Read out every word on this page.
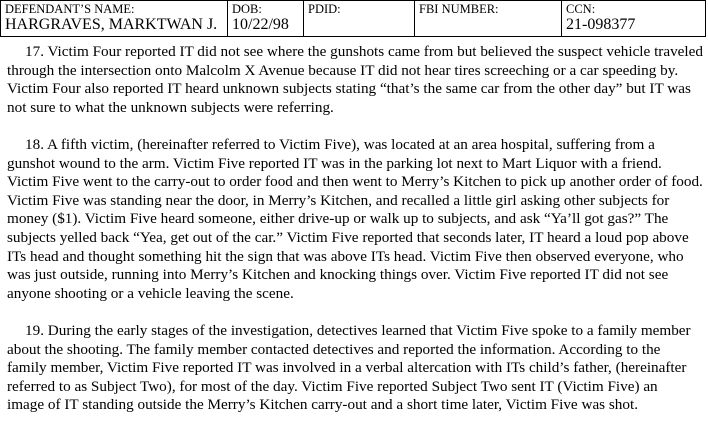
DEFENDANT’S NAME:
HARGRAVES, MARKTWAN J.
DOB:
10/22/98
PDID:	FBI NUMBER:	CCN:
21-098377
17. Victim Four reported IT did not see where the gunshots came from but believed the suspect vehicle traveled
through the intersection onto Malcolm X Avenue because IT did not hear tires screeching or a car speeding by.
Victim Four also reported IT heard unknown subjects stating “that’s the same car from the other day” but IT was
not sure to what the unknown subjects were referring.
18. A fifth victim, (hereinafter referred to Victim Five), was located at an area hospital, suffering from a
gunshot wound to the arm. Victim Five reported IT was in the parking lot next to Mart Liquor with a friend.
Victim Five went to the carry-out to order food and then went to Merry’s Kitchen to pick up another order of food.
Victim Five was standing near the door, in Merry’s Kitchen, and recalled a little girl asking other subjects for
money ($1). Victim Five heard someone, either drive-up or walk up to subjects, and ask “Ya’ll got gas?” The
subjects yelled back “Yea, get out of the car.” Victim Five reported that seconds later, IT heard a loud pop above
ITs head and thought something hit the sign that was above ITs head. Victim Five then observed everyone, who
was just outside, running into Merry’s Kitchen and knocking things over. Victim Five reported IT did not see
anyone shooting or a vehicle leaving the scene.
19. During the early stages of the investigation, detectives learned that Victim Five spoke to a family member
about the shooting. The family member contacted detectives and reported the information. According to the
family member, Victim Five reported IT was involved in a verbal altercation with ITs child’s father, (hereinafter
referred to as Subject Two), for most of the day. Victim Five reported Subject Two sent IT (Victim Five) an
image of IT standing outside the Merry’s Kitchen carry-out and a short time later, Victim Five was shot.
